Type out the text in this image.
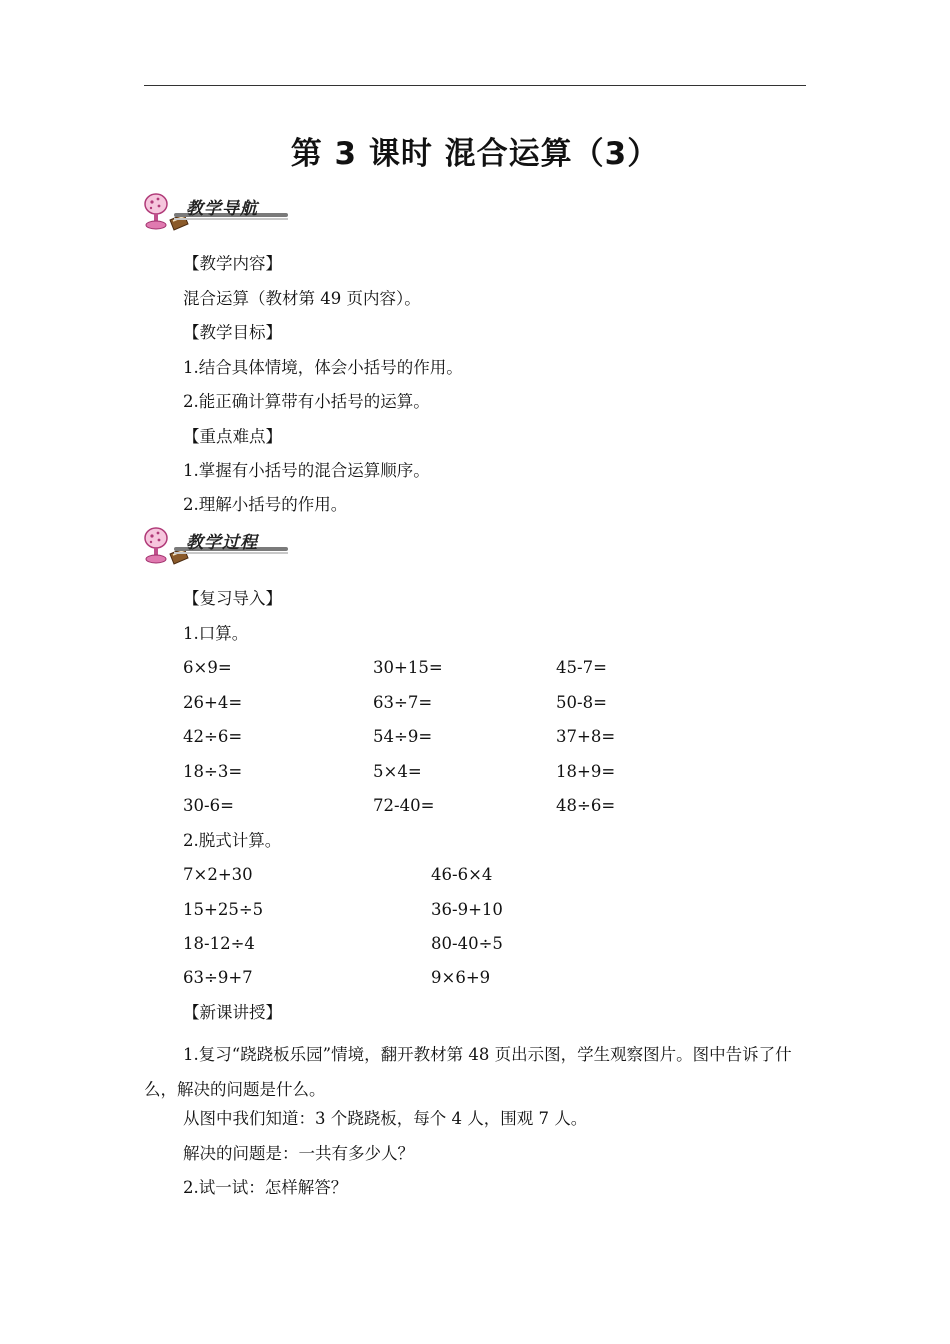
第 3 课时 混合运算（3）
教学导航
【教学内容】
混合运算（教材第 49 页内容）。
【教学目标】
1.结合具体情境，体会小括号的作用。
2.能正确计算带有小括号的运算。
【重点难点】
1.掌握有小括号的混合运算顺序。
2.理解小括号的作用。
教学过程
【复习导入】
1.口算。
6×9=	30+15=	45-7=
26+4=	63÷7=	50-8=
42÷6=	54÷9=	37+8=
18÷3=	5×4=	18+9=
30-6=	72-40=	48÷6=
2.脱式计算。
7×2+30	46-6×4
15+25÷5	36-9+10
18-12÷4	80-40÷5
63÷9+7	9×6+9
【新课讲授】
1.复习“跷跷板乐园”情境，翻开教材第 48 页出示图，学生观察图片。图中告诉了什么，解决的问题是什么。
从图中我们知道：3 个跷跷板，每个 4 人，围观 7 人。
解决的问题是：一共有多少人？
2.试一试：怎样解答？
